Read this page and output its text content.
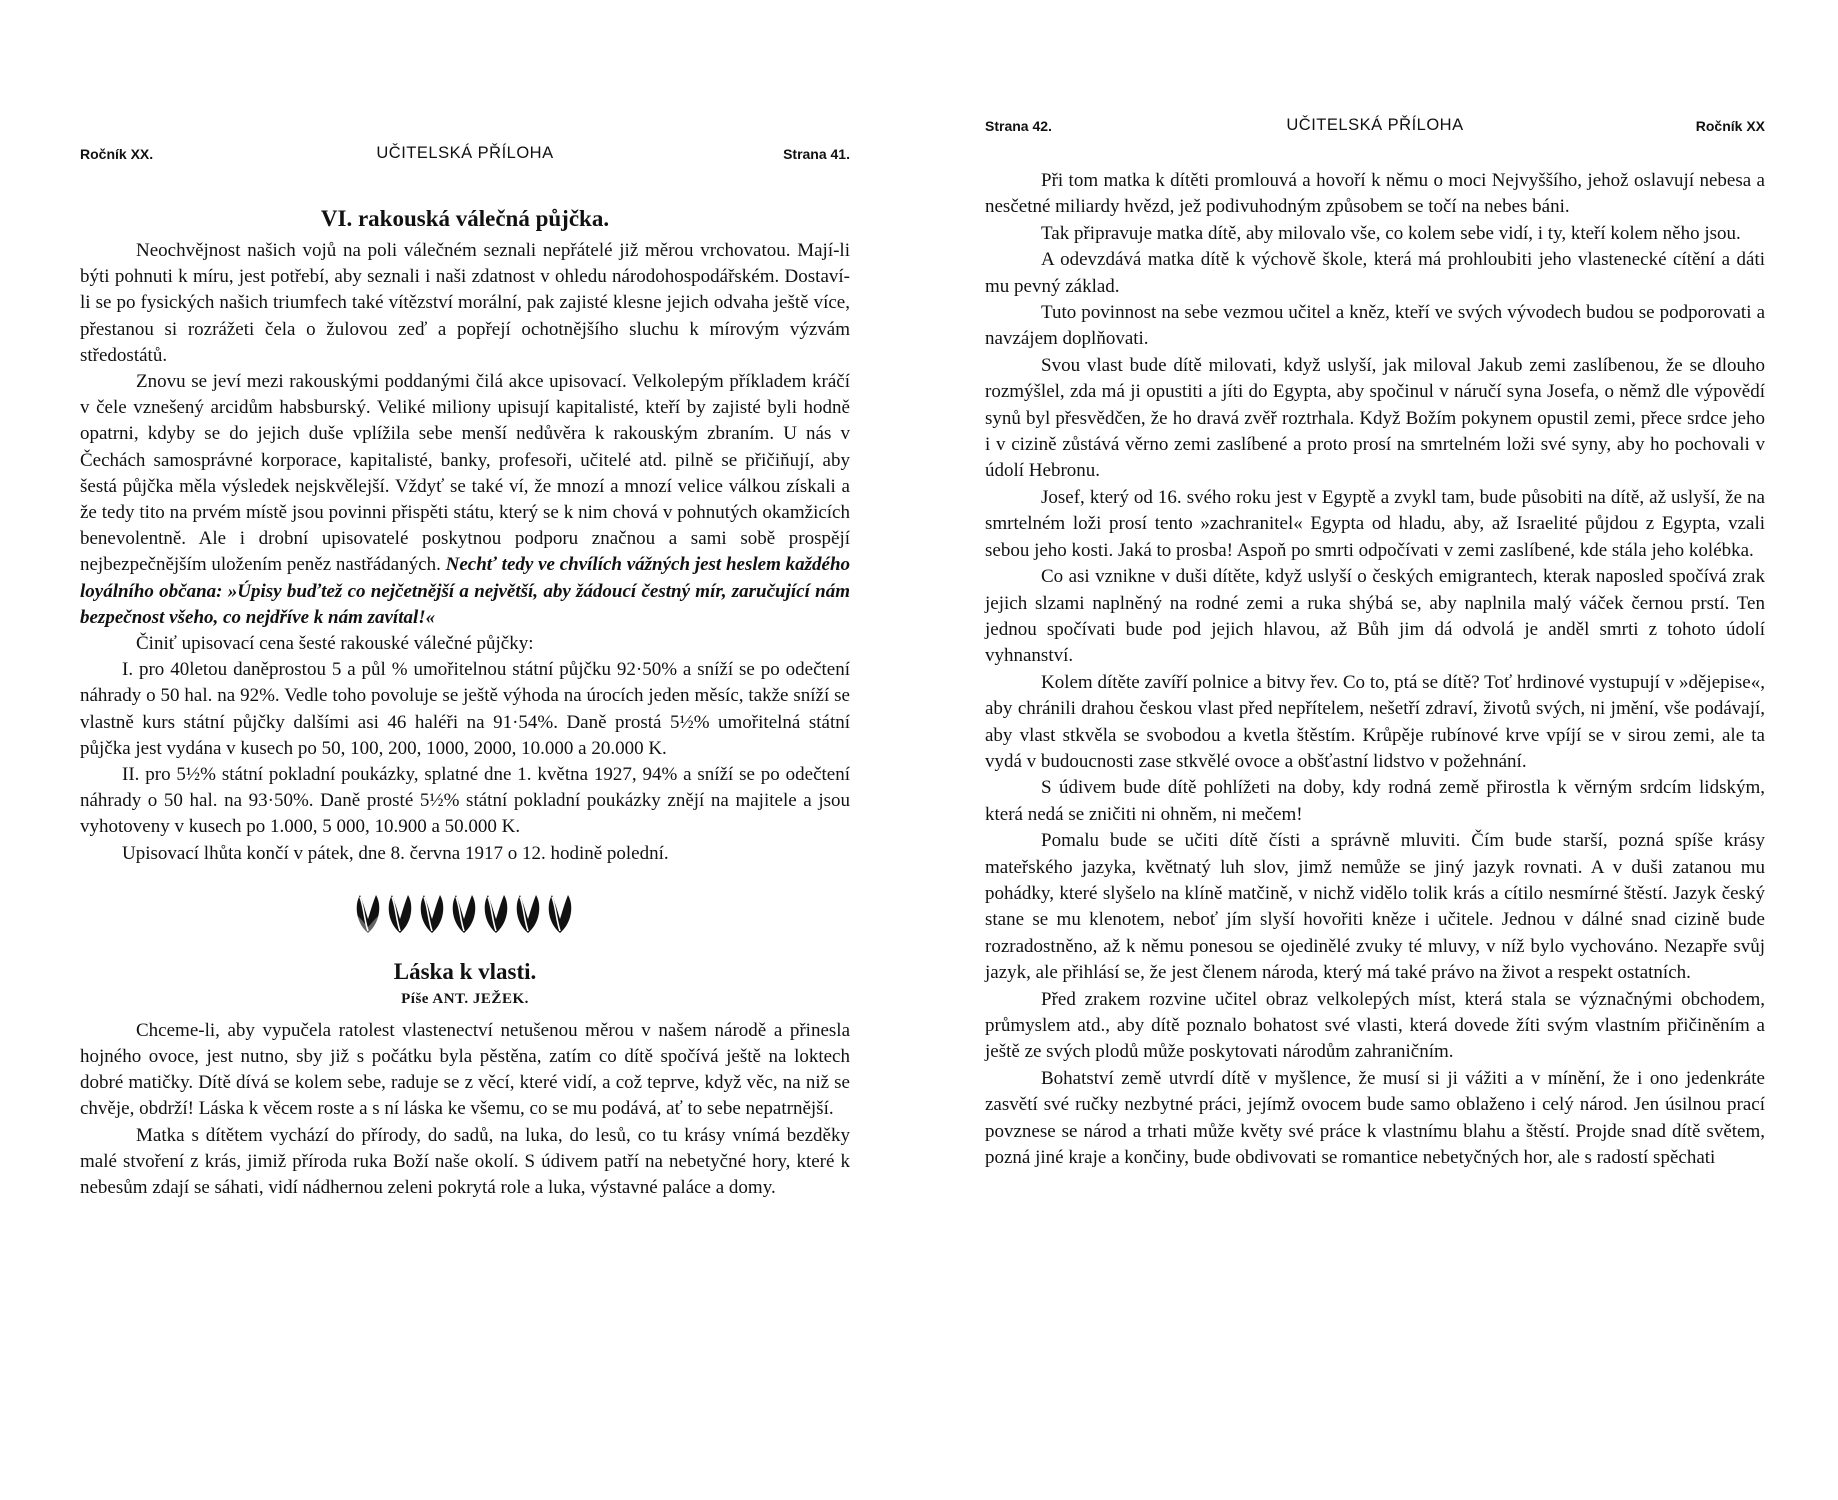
Ročník XX.	UČITELSKÁ PŘÍLOHA	Strana 41.
VI. rakouská válečná půjčka.

Neochvějnost našich vojů na poli válečném seznali nepřátelé již měrou vrchovatou. Mají-li býti pohnuti k míru, jest potřebí, aby seznali i naši zdatnost v ohledu národohospodářském. Dostaví-li se po fysických našich triumfech také vítězství morální, pak zajisté klesne jejich odvaha ještě více, přestanou si rozrážeti čela o žulovou zeď a popřejí ochotnějšího sluchu k mírovým výzvám středostátů.

Znovu se jeví mezi rakouskými poddanými čilá akce upisovací. Velkolepým příkladem kráčí v čele vznešený arcidům habsburský. Veliké miliony upisují kapitalisté, kteří by zajisté byli hodně opatrni, kdyby se do jejich duše vplížila sebe menší nedůvěra k rakouským zbraním. U nás v Čechách samosprávné korporace, kapitalisté, banky, profesoři, učitelé atd. pilně se přičiňují, aby šestá půjčka měla výsledek nejskvělejší. Vždyť se také ví, že mnozí a mnozí velice válkou získali a že tedy tito na prvém místě jsou povinni přispěti státu, který se k nim chová v pohnutých okamžicích benevolentně. Ale i drobní upisovatelé poskytnou podporu značnou a sami sobě prospějí nejbezpečnějším uložením peněz nastřádaných. Nechť tedy ve chvílích vážných jest heslem každého loyálního občana: »Úpisy buďtež co nejčetnější a největší, aby žádoucí čestný mír, zaručující nám bezpečnost všeho, co nejdříve k nám zavítal!«

Činiť upisovací cena šesté rakouské válečné půjčky:

I. pro 40letou daněprostou 5 a půl % umořitelnou státní půjčku 92·50% a sníží se po odečtení náhrady o 50 hal. na 92%. Vedle toho povoluje se ještě výhoda na úrocích jeden měsíc, takže sníží se vlastně kurs státní půjčky dalšími asi 46 haléři na 91·54%. Daně prostá 5½% umořitelná státní půjčka jest vydána v kusech po 50, 100, 200, 1000, 2000, 10.000 a 20.000 K.

II. pro 5½% státní pokladní poukázky, splatné dne 1. května 1927, 94% a sníží se po odečtení náhrady o 50 hal. na 93·50%. Daně prosté 5½% státní pokladní poukázky znějí na majitele a jsou vyhotoveny v kusech po 1.000, 5 000, 10.900 a 50.000 K.

Upisovací lhůta končí v pátek, dne 8. června 1917 o 12. hodině polední.

Láska k vlasti.
Píše ANT. JEŽEK.

Chceme-li, aby vypučela ratolest vlastenectví netušenou měrou v našem národě a přinesla hojného ovoce, jest nutno, sby již s počátku byla pěstěna, zatím co dítě spočívá ještě na loktech dobré matičky. Dítě dívá se kolem sebe, raduje se z věcí, které vidí, a což teprve, když věc, na niž se chvěje, obdrží! Láska k věcem roste a s ní láska ke všemu, co se mu podává, ať to sebe nepatrnější.

Matka s dítětem vychází do přírody, do sadů, na luka, do lesů, co tu krásy vnímá bezděky malé stvoření z krás, jimiž příroda ruka Boží naše okolí. S údivem patří na nebetyčné hory, které k nebesům zdají se sáhati, vidí nádhernou zeleni pokrytá role a luka, výstavné paláce a domy.

Strana 42.	UČITELSKÁ PŘÍLOHA	Ročník XX

Při tom matka k dítěti promlouvá a hovoří k němu o moci Nejvyššího, jehož oslavují nebesa a nesčetné miliardy hvězd, jež podivuhodným způsobem se točí na nebes báni.

Tak připravuje matka dítě, aby milovalo vše, co kolem sebe vidí, i ty, kteří kolem něho jsou.

A odevzdává matka dítě k výchově škole, která má prohloubiti jeho vlastenecké cítění a dáti mu pevný základ.

Tuto povinnost na sebe vezmou učitel a kněz, kteří ve svých vývodech budou se podporovati a navzájem doplňovati.

Svou vlast bude dítě milovati, když uslyší, jak miloval Jakub zemi zaslíbenou, že se dlouho rozmýšlel, zda má ji opustiti a jíti do Egypta, aby spočinul v náručí syna Josefa, o němž dle výpovědí synů byl přesvědčen, že ho dravá zvěř roztrhala. Když Božím pokynem opustil zemi, přece srdce jeho i v cizině zůstává věrno zemi zaslíbené a proto prosí na smrtelném loži své syny, aby ho pochovali v údolí Hebronu.

Josef, který od 16. svého roku jest v Egyptě a zvykl tam, bude působiti na dítě, až uslyší, že na smrtelném loži prosí tento »zachranitel« Egypta od hladu, aby, až Israelité půjdou z Egypta, vzali sebou jeho kosti. Jaká to prosba! Aspoň po smrti odpočívati v zemi zaslíbené, kde stála jeho kolébka.

Co asi vznikne v duši dítěte, když uslyší o českých emigrantech, kterak naposled spočívá zrak jejich slzami naplněný na rodné zemi a ruka shýbá se, aby naplnila malý váček černou prstí. Ten jednou spočívati bude pod jejich hlavou, až Bůh jim dá odvolá je anděl smrti z tohoto údolí vyhnanství.

Kolem dítěte zavíří polnice a bitvy řev. Co to, ptá se dítě? Toť hrdinové vystupují v »dějepise«, aby chránili drahou českou vlast před nepřítelem, nešetří zdraví, životů svých, ni jmění, vše podávají, aby vlast stkvěla se svobodou a kvetla štěstím. Krůpěje rubínové krve vpíjí se v sirou zemi, ale ta vydá v budoucnosti zase stkvělé ovoce a obšťastní lidstvo v požehnání.

S údivem bude dítě pohlížeti na doby, kdy rodná země přirostla k věrným srdcím lidským, která nedá se zničiti ni ohněm, ni mečem!

Pomalu bude se učiti dítě čísti a správně mluviti. Čím bude starší, pozná spíše krásy mateřského jazyka, květnatý luh slov, jimž nemůže se jiný jazyk rovnati. A v duši zatanou mu pohádky, které slyšelo na klíně matčině, v nichž vidělo tolik krás a cítilo nesmírné štěstí. Jazyk český stane se mu klenotem, neboť jím slyší hovořiti kněze i učitele. Jednou v dálné snad cizině bude rozradostněno, až k němu ponesou se ojedinělé zvuky té mluvy, v níž bylo vychováno. Nezapře svůj jazyk, ale přihlásí se, že jest členem národa, který má také právo na život a respekt ostatních.

Před zrakem rozvine učitel obraz velkolepých míst, která stala se význačnými obchodem, průmyslem atd., aby dítě poznalo bohatost své vlasti, která dovede žíti svým vlastním přičiněním a ještě ze svých plodů může poskytovati národům zahraničním.

Bohatství země utvrdí dítě v myšlence, že musí si ji vážiti a v mínění, že i ono jedenkráte zasvětí své ručky nezbytné práci, jejímž ovocem bude samo oblaženo i celý národ. Jen úsilnou prací povznese se národ a trhati může květy své práce k vlastnímu blahu a štěstí. Projde snad dítě světem, pozná jiné kraje a končiny, bude obdivovati se romantice nebetyčných hor, ale s radostí spěchati
